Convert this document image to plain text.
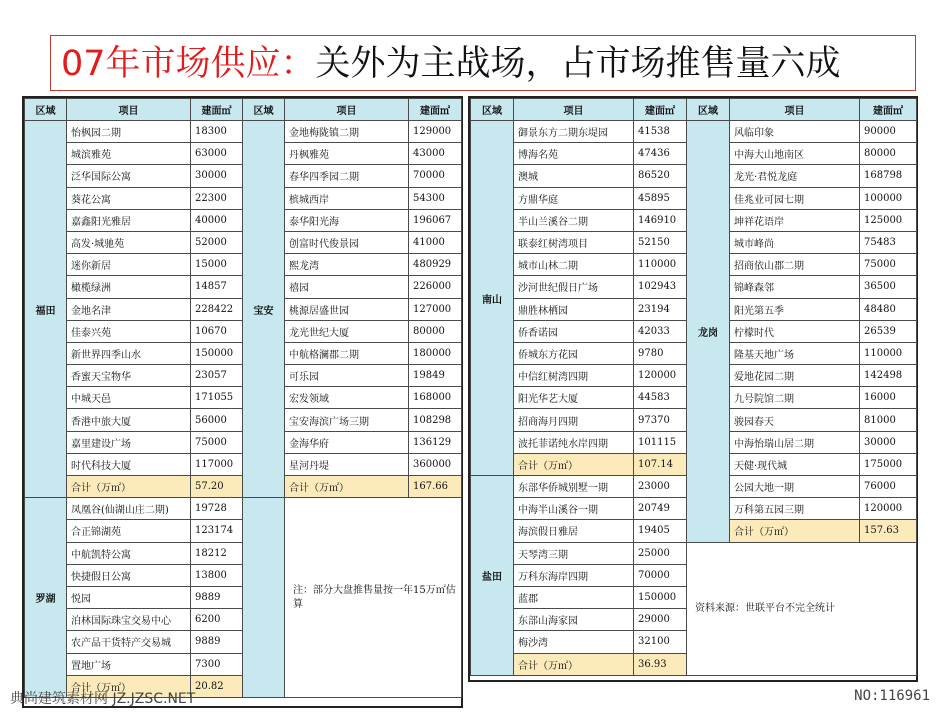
07年市场供应：关外为主战场，占市场推售量六成
区域	项目	建面㎡	区域	项目	建面㎡
福田	怡枫园二期	18300	宝安	金地梅陇镇二期	129000
	城滨雅苑	63000		丹枫雅苑	43000
	泛华国际公寓	30000		春华四季园二期	70000
	葵花公寓	22300		槟城西岸	54300
	嘉鑫阳光雅居	40000		泰华阳光海	196067
	高发·城驰苑	52000		创富时代俊景园	41000
	迷你新居	15000		熙龙湾	480929
	橄榄绿洲	14857		禧园	226000
	金地名津	228422		桃源居盛世园	127000
	佳泰兴苑	10670		龙光世纪大厦	80000
	新世界四季山水	150000		中航格澜郡二期	180000
	香蜜天宝物华	23057		可乐园	19849
	中城天邑	171055		宏发领域	168000
	香港中旅大厦	56000		宝安海滨广场三期	108298
	嘉里建设广场	75000		金海华府	136129
	时代科技大厦	117000		星河丹堤	360000
	合计（万㎡）	57.20		合计（万㎡）	167.66
罗湖	凤凰谷(仙湖山庄二期)	19728		注：部分大盘推售量按一年15万㎡估算	
	合正锦湖苑	123174			
	中航凯特公寓	18212			
	快捷假日公寓	13800			
	悦园	9889			
	泊林国际珠宝交易中心	6200			
	农产品干货特产交易城	9889			
	置地广场	7300			
	合计（万㎡）	20.82			
区域	项目	建面㎡	区域	项目	建面㎡
南山	御景东方二期东堤园	41538	龙岗	风临印象	90000
	博海名苑	47436		中海大山地南区	80000
	澳城	86520		龙光·君悦龙庭	168798
	方鼎华庭	45895		佳兆业可园七期	100000
	半山兰溪谷二期	146910		坤祥花语岸	125000
	联泰红树湾项目	52150		城市峰尚	75483
	城市山林二期	110000		招商依山郡二期	75000
	沙河世纪假日广场	102943		锦峰森邻	36500
	鼎胜林栖园	23194		阳光第五季	48480
	侨香诺园	42033		柠檬时代	26539
	侨城东方花园	9780		隆基天地广场	110000
	中信红树湾四期	120000		爱地花园二期	142498
	阳光华艺大厦	44583		九号院馆二期	16000
	招商海月四期	97370		骏园春天	81000
	波托菲诺纯水岸四期	101115		中海怡瑞山居二期	30000
	合计（万㎡）	107.14		天健·现代城	175000
盐田	东部华侨城别墅一期	23000		公园大地一期	76000
	中海半山溪谷一期	20749		万科第五园三期	120000
	海滨假日雅居	19405		合计（万㎡）	157.63
	天琴湾三期	25000	资料来源：世联平台不完全统计		
	万科东海岸四期	70000			
	蓝郡	150000			
	东部山海家园	29000			
	梅沙湾	32100			
	合计（万㎡）	36.93			
典尚建筑素材网 JZ.JZSC.NET	NO:116961
